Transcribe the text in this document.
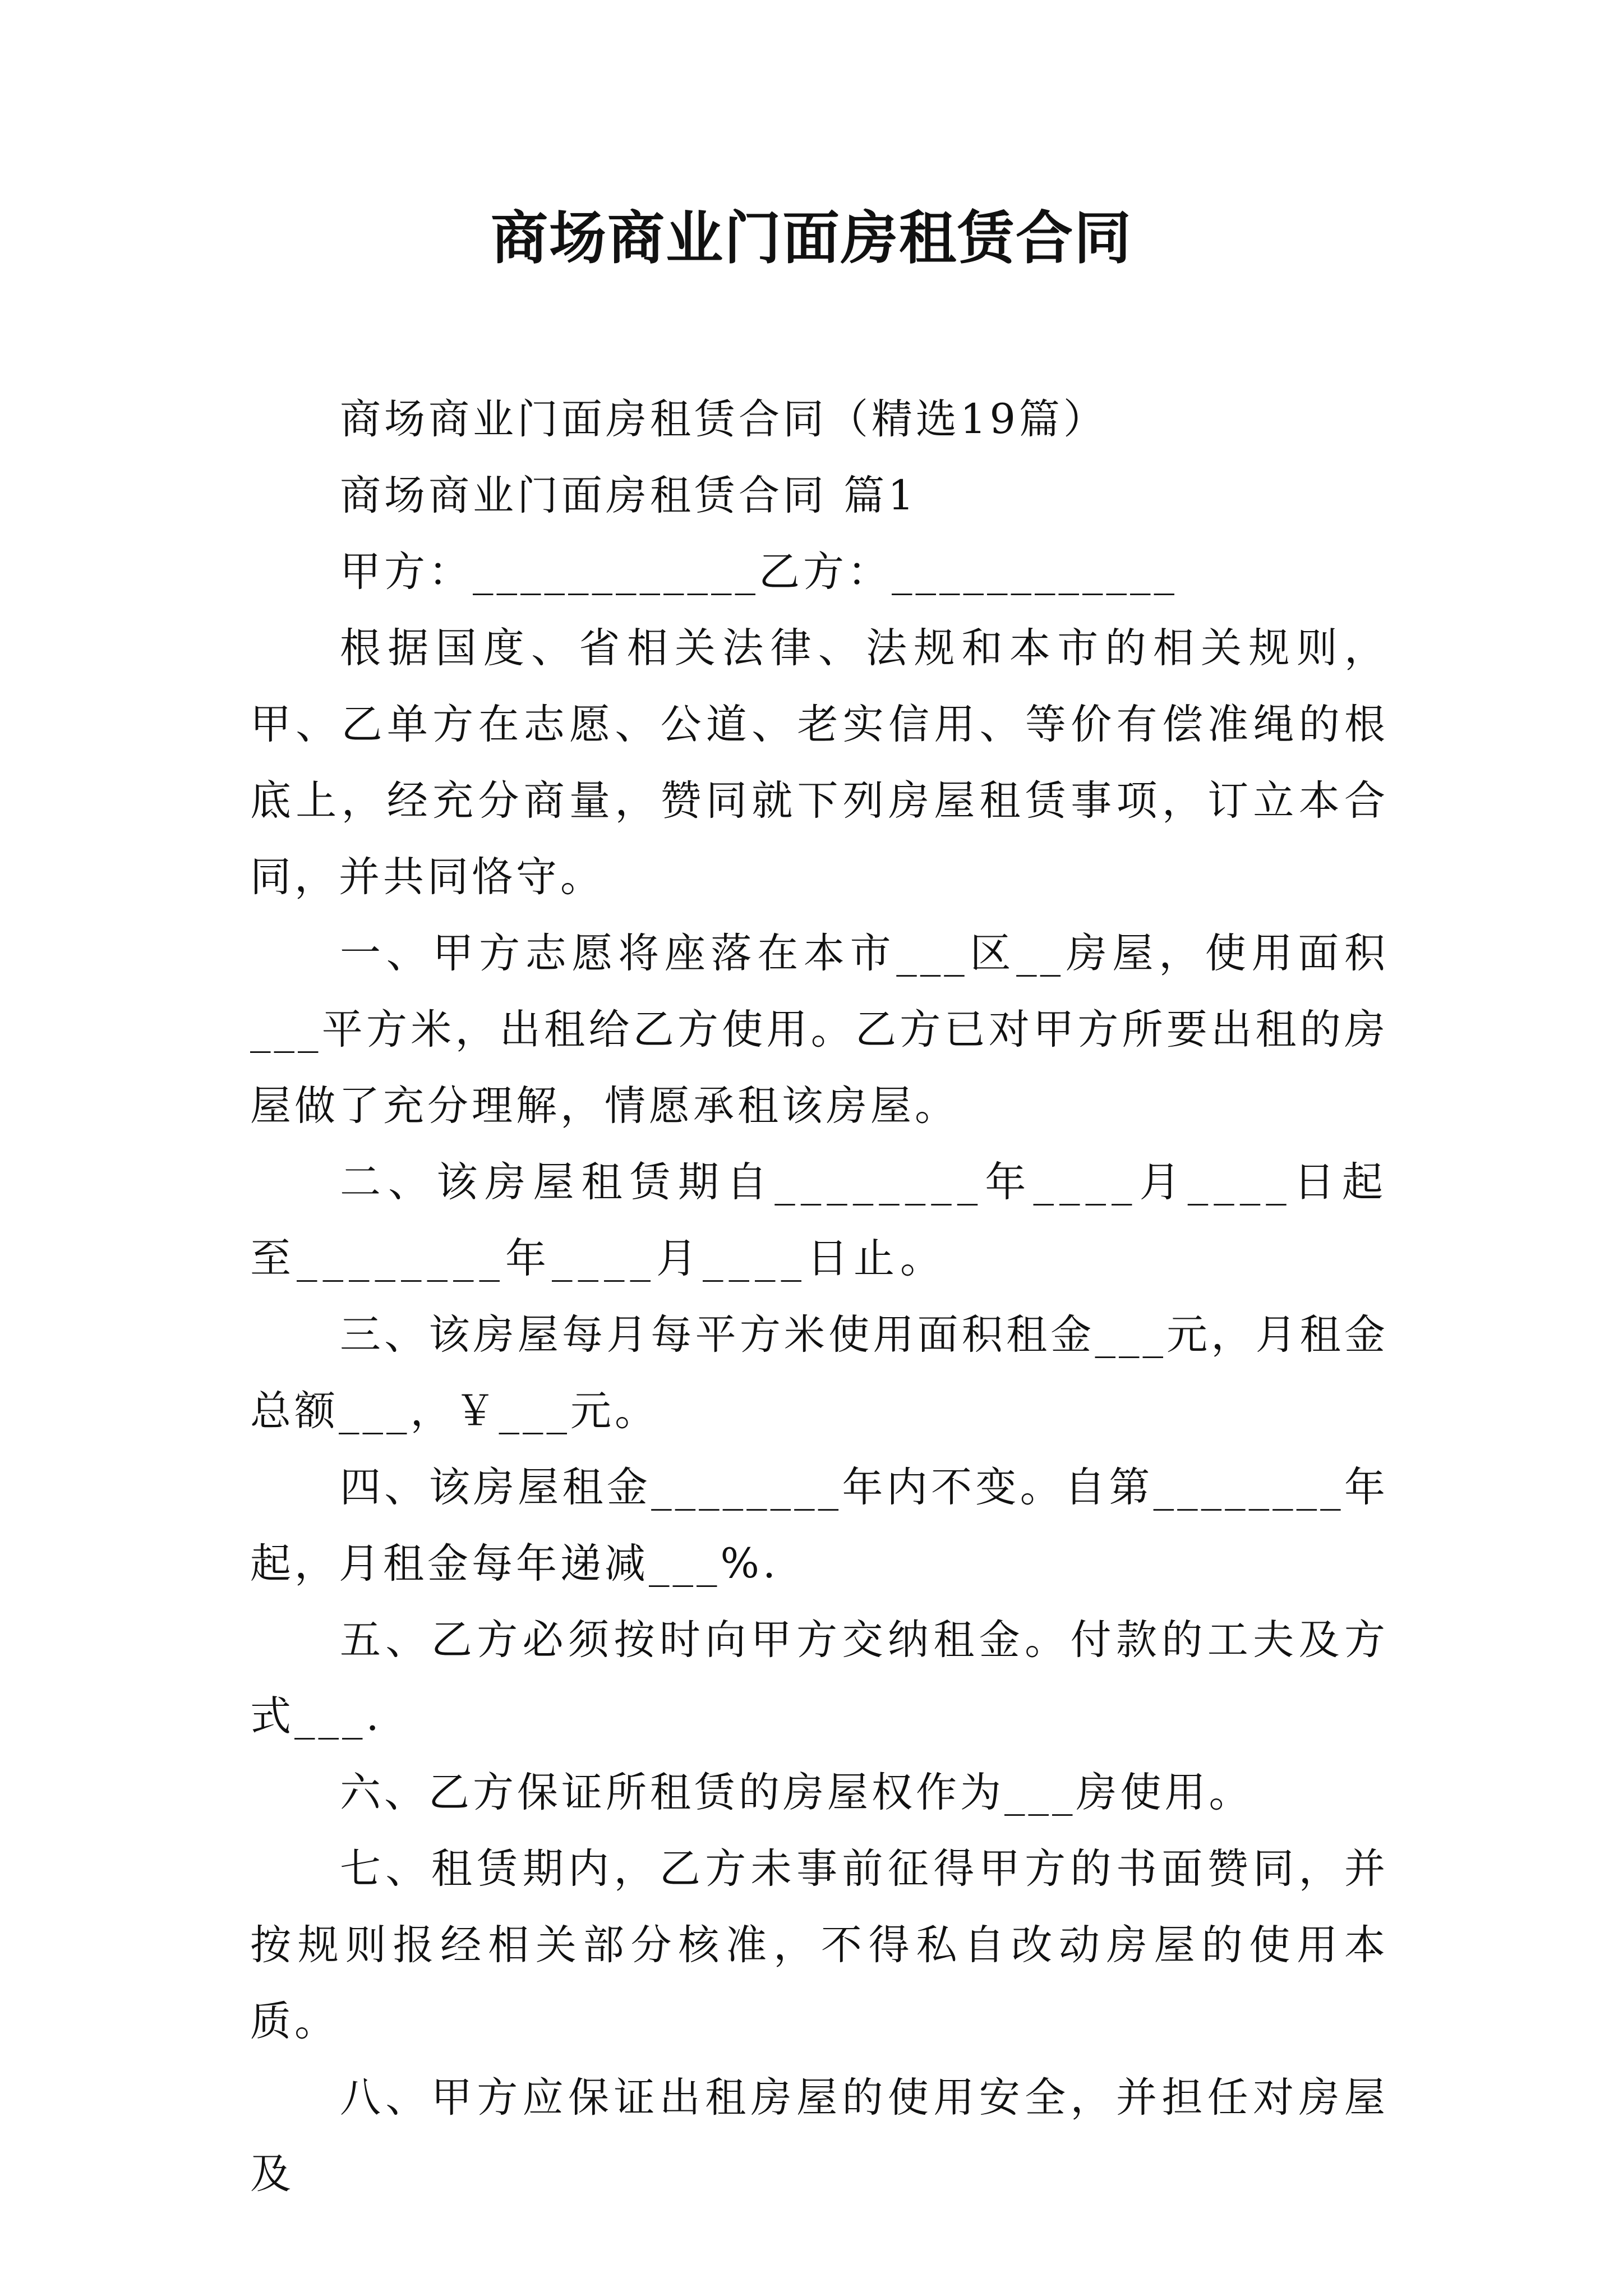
商场商业门面房租赁合同

商场商业门面房租赁合同（精选19篇）

商场商业门面房租赁合同 篇1

甲方：____________乙方：____________

根据国度、省相关法律、法规和本市的相关规则，甲、乙单方在志愿、公道、老实信用、等价有偿准绳的根底上，经充分商量，赞同就下列房屋租赁事项，订立本合同，并共同恪守。

一、甲方志愿将座落在本市___区__房屋，使用面积___平方米，出租给乙方使用。乙方已对甲方所要出租的房屋做了充分理解，情愿承租该房屋。

二、该房屋租赁期自________年____月____日起至________年____月____日止。

三、该房屋每月每平方米使用面积租金___元，月租金总额___，￥___元。

四、该房屋租金________年内不变。自第________年起，月租金每年递减___%.

五、乙方必须按时向甲方交纳租金。付款的工夫及方式___.

六、乙方保证所租赁的房屋权作为___房使用。

七、租赁期内，乙方未事前征得甲方的书面赞同，并按规则报经相关部分核准，不得私自改动房屋的使用本质。

八、甲方应保证出租房屋的使用安全，并担任对房屋及
